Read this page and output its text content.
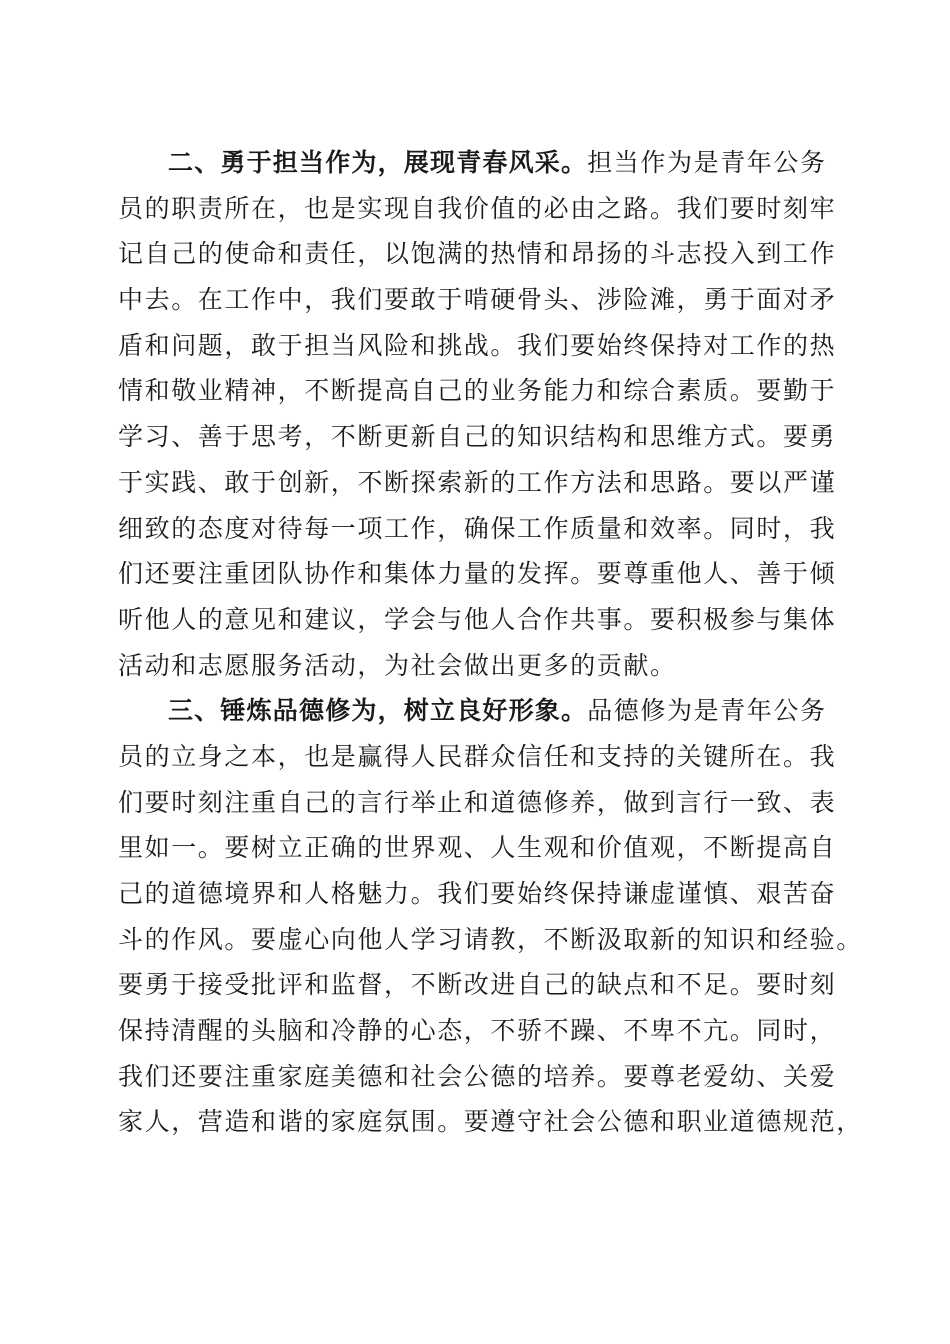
二、勇于担当作为，展现青春风采。担当作为是青年公务
员的职责所在，也是实现自我价值的必由之路。我们要时刻牢
记自己的使命和责任，以饱满的热情和昂扬的斗志投入到工作
中去。在工作中，我们要敢于啃硬骨头、涉险滩，勇于面对矛
盾和问题，敢于担当风险和挑战。我们要始终保持对工作的热
情和敬业精神，不断提高自己的业务能力和综合素质。要勤于
学习、善于思考，不断更新自己的知识结构和思维方式。要勇
于实践、敢于创新，不断探索新的工作方法和思路。要以严谨
细致的态度对待每一项工作，确保工作质量和效率。同时，我
们还要注重团队协作和集体力量的发挥。要尊重他人、善于倾
听他人的意见和建议，学会与他人合作共事。要积极参与集体
活动和志愿服务活动，为社会做出更多的贡献。
三、锤炼品德修为，树立良好形象。品德修为是青年公务
员的立身之本，也是赢得人民群众信任和支持的关键所在。我
们要时刻注重自己的言行举止和道德修养，做到言行一致、表
里如一。要树立正确的世界观、人生观和价值观，不断提高自
己的道德境界和人格魅力。我们要始终保持谦虚谨慎、艰苦奋
斗的作风。要虚心向他人学习请教，不断汲取新的知识和经验。
要勇于接受批评和监督，不断改进自己的缺点和不足。要时刻
保持清醒的头脑和冷静的心态，不骄不躁、不卑不亢。同时，
我们还要注重家庭美德和社会公德的培养。要尊老爱幼、关爱
家人，营造和谐的家庭氛围。要遵守社会公德和职业道德规范，
